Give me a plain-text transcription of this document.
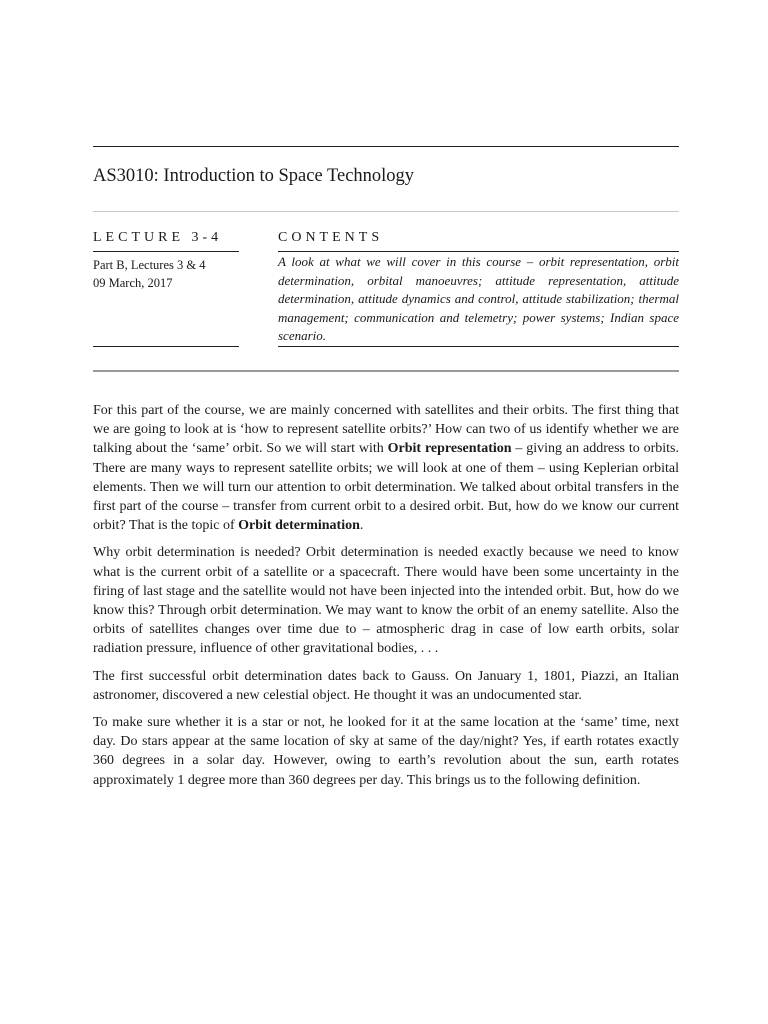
AS3010: Introduction to Space Technology
LECTURE 3-4
Part B, Lectures 3 & 4
09 March, 2017
CONTENTS
A look at what we will cover in this course – orbit representation, orbit determination, orbital manoeuvres; attitude representation, attitude determination, attitude dynamics and control, attitude stabilization; thermal management; communication and telemetry; power systems; Indian space scenario.

For this part of the course, we are mainly concerned with satellites and their orbits. The first thing that we are going to look at is ‘how to represent satellite orbits?’ How can two of us identify whether we are talking about the ‘same’ orbit. So we will start with Orbit representation – giving an address to orbits. There are many ways to represent satellite orbits; we will look at one of them – using Keplerian orbital elements. Then we will turn our attention to orbit determination. We talked about orbital transfers in the first part of the course – transfer from current orbit to a desired orbit. But, how do we know our current orbit? That is the topic of Orbit determination.

Why orbit determination is needed? Orbit determination is needed exactly because we need to know what is the current orbit of a satellite or a spacecraft. There would have been some uncertainty in the firing of last stage and the satellite would not have been injected into the intended orbit. But, how do we know this? Through orbit determination. We may want to know the orbit of an enemy satellite. Also the orbits of satellites changes over time due to – atmospheric drag in case of low earth orbits, solar radiation pressure, influence of other gravitational bodies, . . .

The first successful orbit determination dates back to Gauss. On January 1, 1801, Piazzi, an Italian astronomer, discovered a new celestial object. He thought it was an undocumented star.

To make sure whether it is a star or not, he looked for it at the same location at the ‘same’ time, next day. Do stars appear at the same location of sky at same of the day/night? Yes, if earth rotates exactly 360 degrees in a solar day. However, owing to earth’s revolution about the sun, earth rotates approximately 1 degree more than 360 degrees per day. This brings us to the following definition.
